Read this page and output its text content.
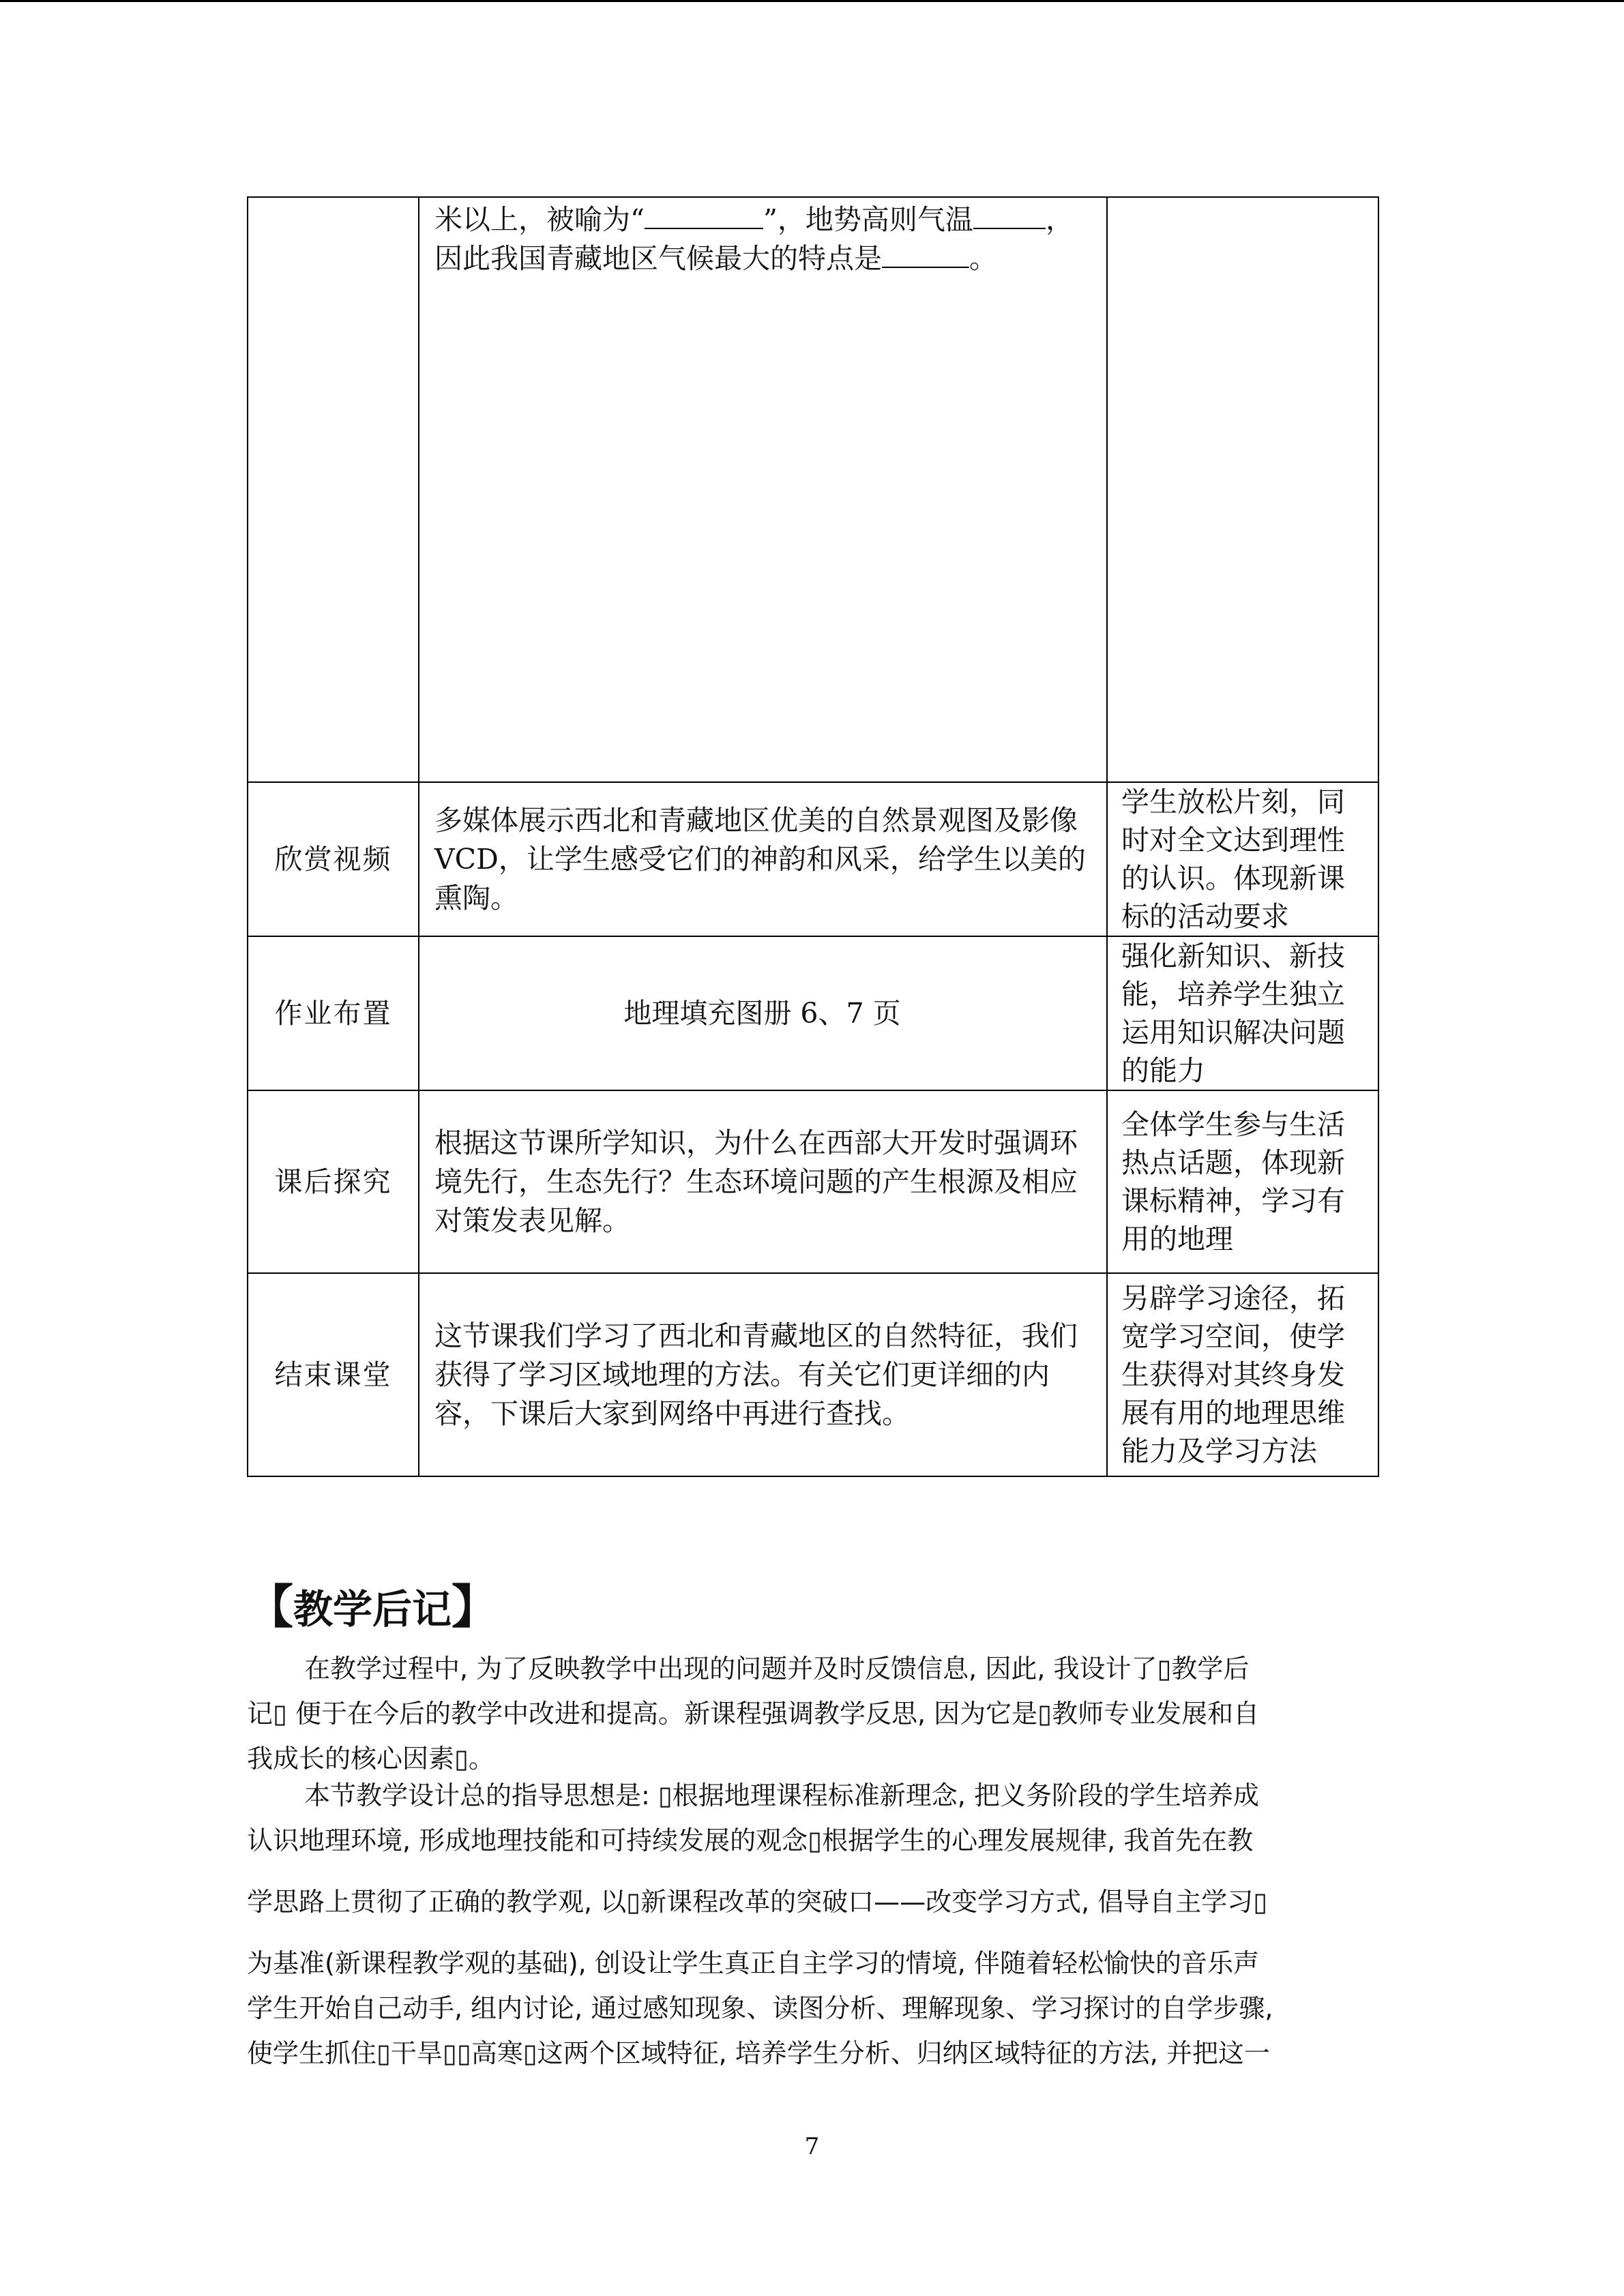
	米以上，被喻为“ ”，地势高则气温 ，
因此我国青藏地区气候最大的特点是 。	

欣赏视频	多媒体展示西北和青藏地区优美的自然景观图及影像VCD，让学生感受它们的神韵和风采，给学生以美的熏陶。	学生放松片刻，同时对全文达到理性的认识。体现新课标的活动要求
作业布置	地理填充图册 6、7 页	强化新知识、新技能，培养学生独立运用知识解决问题的能力
课后探究	根据这节课所学知识，为什么在西部大开发时强调环境先行，生态先行？生态环境问题的产生根源及相应对策发表见解。	全体学生参与生活热点话题，体现新课标精神，学习有用的地理
结束课堂	这节课我们学习了西北和青藏地区的自然特征，我们获得了学习区域地理的方法。有关它们更详细的内容，下课后大家到网络中再进行查找。	另辟学习途径，拓宽学习空间，使学生获得对其终身发展有用的地理思维能力及学习方法
【教学后记】
在教学过程中, 为了反映教学中出现的问题并及时反馈信息, 因此, 我设计了▯教学后
记▯ 便于在今后的教学中改进和提高。新课程强调教学反思, 因为它是▯教师专业发展和自
我成长的核心因素▯。
本节教学设计总的指导思想是: ▯根据地理课程标准新理念, 把义务阶段的学生培养成
认识地理环境, 形成地理技能和可持续发展的观念▯根据学生的心理发展规律, 我首先在教
学思路上贯彻了正确的教学观, 以▯新课程改革的突破口——改变学习方式, 倡导自主学习▯
为基准(新课程教学观的基础), 创设让学生真正自主学习的情境, 伴随着轻松愉快的音乐声
学生开始自己动手, 组内讨论, 通过感知现象、读图分析、理解现象、学习探讨的自学步骤,
使学生抓住▯干旱▯▯高寒▯这两个区域特征, 培养学生分析、归纳区域特征的方法, 并把这一
7
